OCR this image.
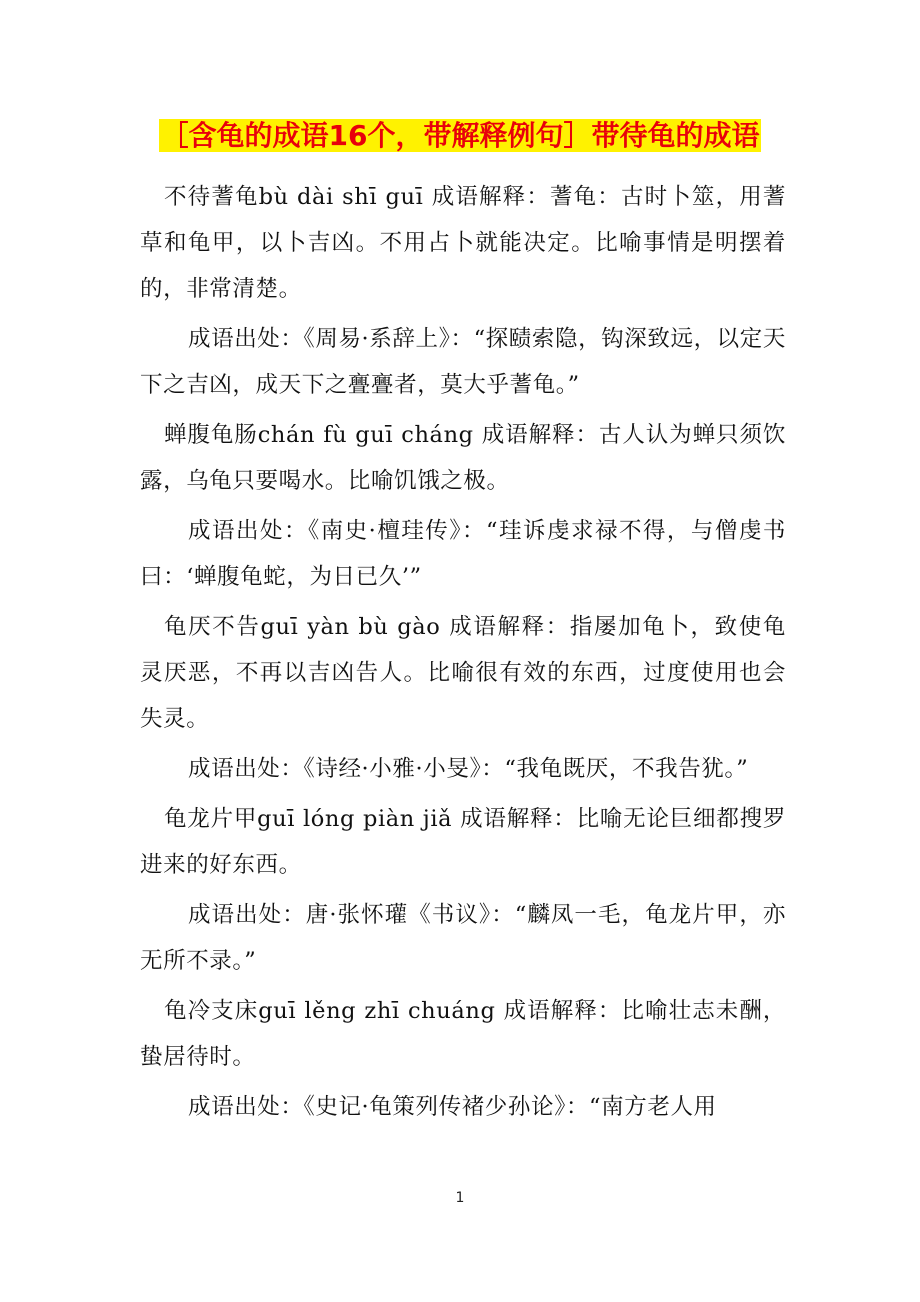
［含龟的成语16个，带解释例句］带待龟的成语

不待蓍龟bù dài shī guī 成语解释：蓍龟：古时卜筮，用蓍草和龟甲，以卜吉凶。不用占卜就能决定。比喻事情是明摆着的，非常清楚。

成语出处：《周易·系辞上》：“探赜索隐，钩深致远，以定天下之吉凶，成天下之亹亹者，莫大乎蓍龟。”

蝉腹龟肠chán fù guī cháng 成语解释：古人认为蝉只须饮露，乌龟只要喝水。比喻饥饿之极。

成语出处：《南史·檀珪传》：“珪诉虔求禄不得，与僧虔书曰：‘蝉腹龟蛇，为日已久’”

龟厌不告guī yàn bù gào 成语解释：指屡加龟卜，致使龟灵厌恶，不再以吉凶告人。比喻很有效的东西，过度使用也会失灵。

成语出处：《诗经·小雅·小旻》：“我龟既厌，不我告犹。”

龟龙片甲guī lóng piàn jiǎ 成语解释：比喻无论巨细都搜罗进来的好东西。

成语出处：唐·张怀瓘《书议》：“麟凤一毛，龟龙片甲，亦无所不录。”

龟冷支床guī lěng zhī chuáng 成语解释：比喻壮志未酬，蛰居待时。

成语出处：《史记·龟策列传褚少孙论》：“南方老人用

1
